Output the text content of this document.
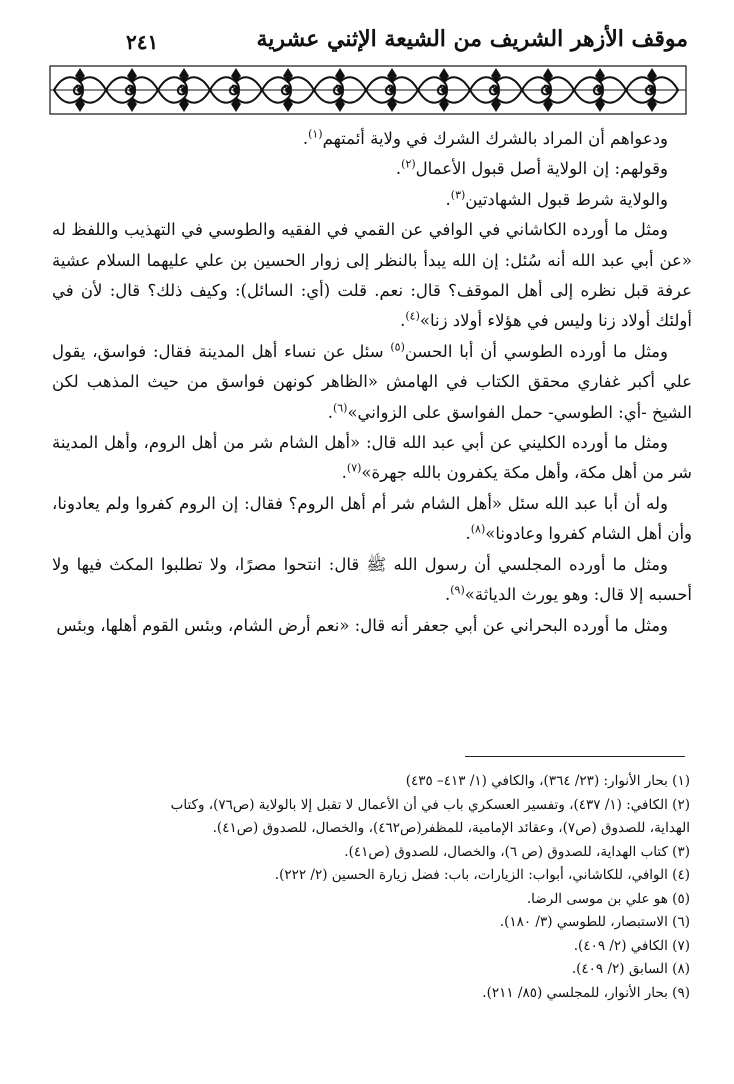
موقف الأزهر الشريف من الشيعة الإثني عشرية
٢٤١

ودعواهم أن المراد بالشرك الشرك في ولاية أئمتهم$^{(١)}$.

وقولهم: إن الولاية أصل قبول الأعمال$^{(٢)}$.

والولاية شرط قبول الشهادتين$^{(٣)}$.

ومثل ما أورده الكاشاني في الوافي عن القمي في الفقيه والطوسي في التهذيب واللفظ له «عن أبي عبد الله أنه سُئل: إن الله يبدأ بالنظر إلى زوار الحسين بن علي عليهما السلام عشية عرفة قبل نظره إلى أهل الموقف؟ قال: نعم. قلت (أي: السائل): وكيف ذلك؟ قال: لأن في أولئك أولاد زنا وليس في هؤلاء أولاد زنا»$^{(٤)}$.

ومثل ما أورده الطوسي أن أبا الحسن$^{(٥)}$ سئل عن نساء أهل المدينة فقال: فواسق، يقول علي أكبر غفاري محقق الكتاب في الهامش «الظاهر كونهن فواسق من حيث المذهب لكن الشيخ -أي: الطوسي- حمل الفواسق على الزواني»$^{(٦)}$.

ومثل ما أورده الكليني عن أبي عبد الله قال: «أهل الشام شر من أهل الروم، وأهل المدينة شر من أهل مكة، وأهل مكة يكفرون بالله جهرة»$^{(٧)}$.

وله أن أبا عبد الله سئل «أهل الشام شر أم أهل الروم؟ فقال: إن الروم كفروا ولم يعادونا، وأن أهل الشام كفروا وعادونا»$^{(٨)}$.

ومثل ما أورده المجلسي أن رسول الله ﷺ قال: انتحوا مصرًا، ولا تطلبوا المكث فيها ولا أحسبه إلا قال: وهو يورث الدياثة»$^{(٩)}$.

ومثل ما أورده البحراني عن أبي جعفر أنه قال: «نعم أرض الشام، وبئس القوم أهلها، وبئس

(١) بحار الأنوار: (٢٣/ ٣٦٤)، والكافي (١/ ٤١٣– ٤٣٥)

(٢) الكافي: (١/ ٤٣٧)، وتفسير العسكري باب في أن الأعمال لا تقبل إلا بالولاية (ص٧٦)، وكتاب

الهداية، للصدوق (ص٧)، وعقائد الإمامية، للمظفر(ص٤٦٢)، والخصال، للصدوق (ص٤١).

(٣) كتاب الهداية، للصدوق (ص ٦)، والخصال، للصدوق (ص٤١).

(٤) الوافي، للكاشاني، أبواب: الزيارات، باب: فضل زيارة الحسين (٢/ ٢٢٢).

(٥) هو علي بن موسى الرضا.

(٦) الاستبصار، للطوسي (٣/ ١٨٠).

(٧) الكافي (٢/ ٤٠٩).

(٨) السابق (٢/ ٤٠٩).

(٩) بحار الأنوار، للمجلسي (٨٥/ ٢١١).
